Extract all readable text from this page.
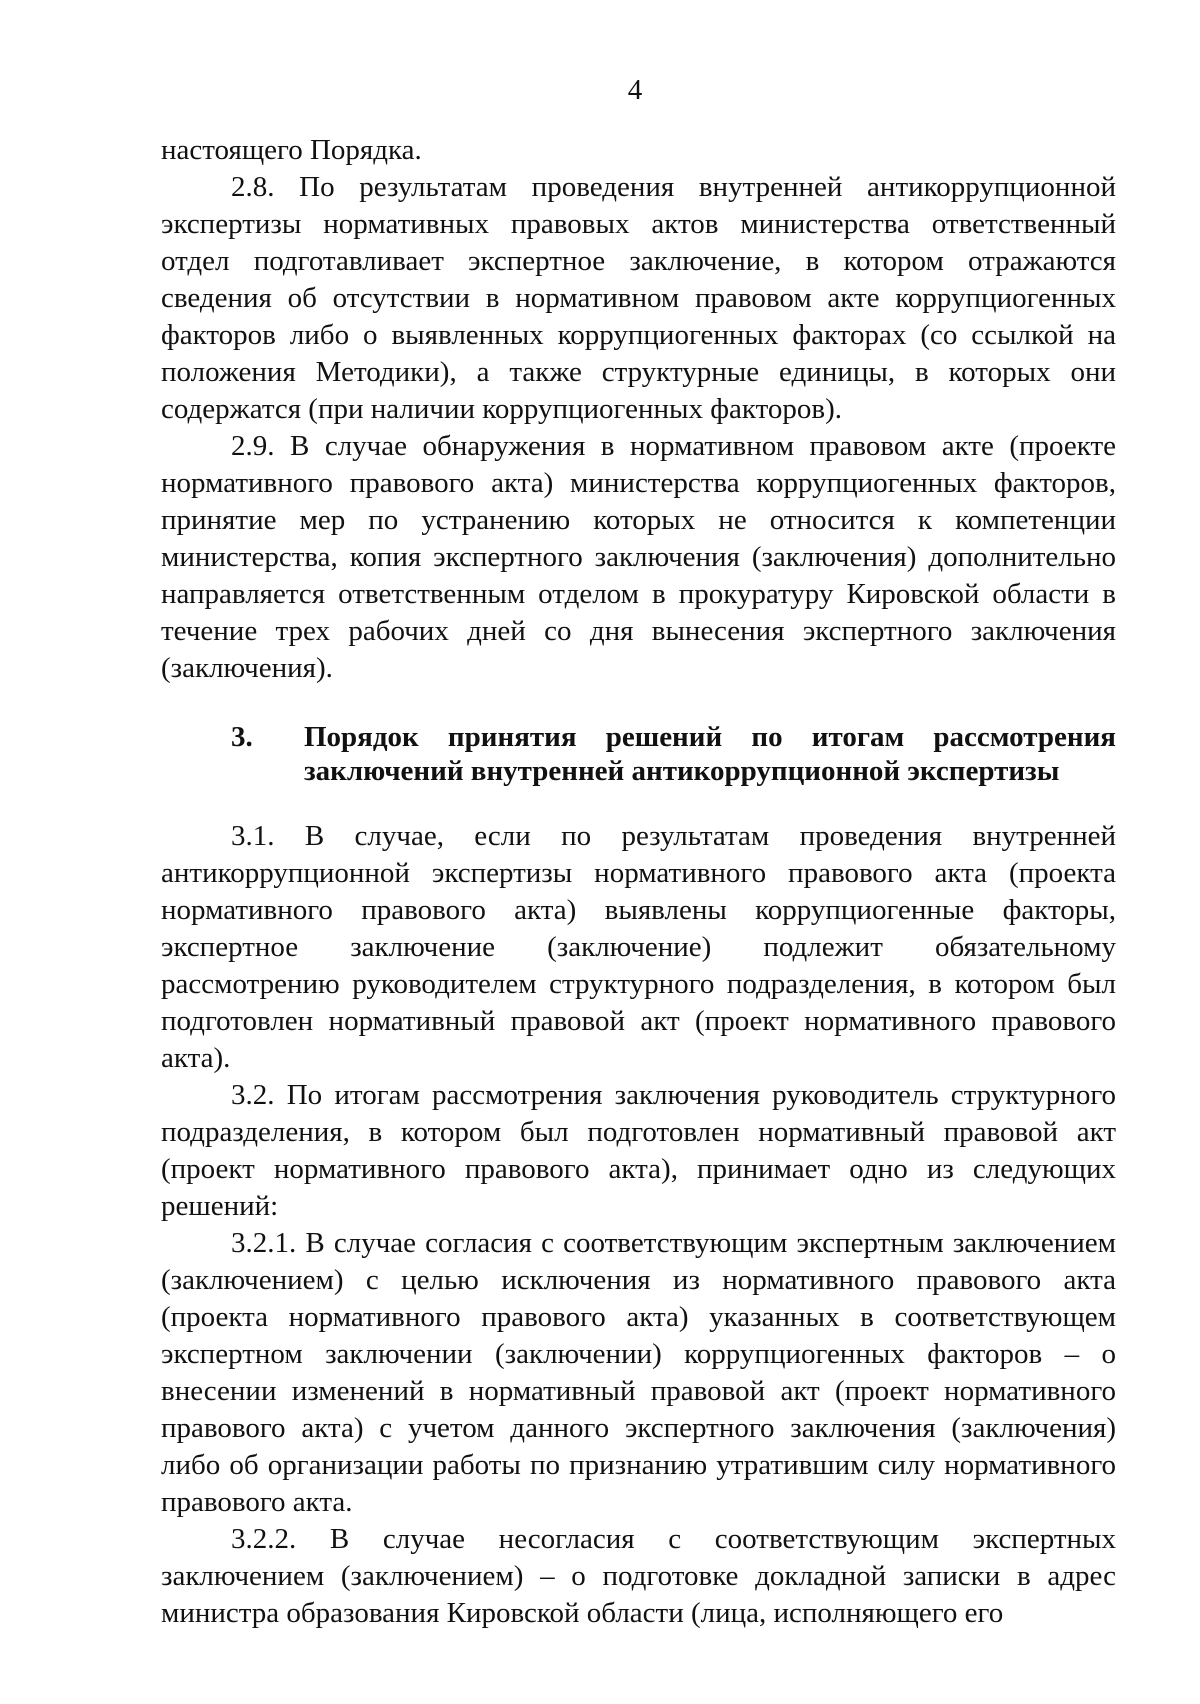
4

настоящего Порядка.

2.8. По результатам проведения внутренней антикоррупционной экспертизы нормативных правовых актов министерства ответственный отдел подготавливает экспертное заключение, в котором отражаются сведения об отсутствии в нормативном правовом акте коррупциогенных факторов либо о выявленных коррупциогенных факторах (со ссылкой на положения Методики), а также структурные единицы, в которых они содержатся (при наличии коррупциогенных факторов).

2.9. В случае обнаружения в нормативном правовом акте (проекте нормативного правового акта) министерства коррупциогенных факторов, принятие мер по устранению которых не относится к компетенции министерства, копия экспертного заключения (заключения) дополнительно направляется ответственным отделом в прокуратуру Кировской области в течение трех рабочих дней со дня вынесения экспертного заключения (заключения).

3.	Порядок принятия решений по итогам рассмотрения
заключений внутренней антикоррупционной экспертизы

3.1. В случае, если по результатам проведения внутренней антикоррупционной экспертизы нормативного правового акта (проекта нормативного правового акта) выявлены коррупциогенные факторы, экспертное заключение (заключение) подлежит обязательному рассмотрению руководителем структурного подразделения, в котором был подготовлен нормативный правовой акт (проект нормативного правового акта).

3.2. По итогам рассмотрения заключения руководитель структурного подразделения, в котором был подготовлен нормативный правовой акт (проект нормативного правового акта), принимает одно из следующих решений:

3.2.1. В случае согласия с соответствующим экспертным заключением (заключением) с целью исключения из нормативного правового акта (проекта нормативного правового акта) указанных в соответствующем экспертном заключении (заключении) коррупциогенных факторов – о внесении изменений в нормативный правовой акт (проект нормативного правового акта) с учетом данного экспертного заключения (заключения) либо об организации работы по признанию утратившим силу нормативного правового акта.

3.2.2. В случае несогласия с соответствующим экспертных заключением (заключением) – о подготовке докладной записки в адрес министра образования Кировской области (лица, исполняющего его
